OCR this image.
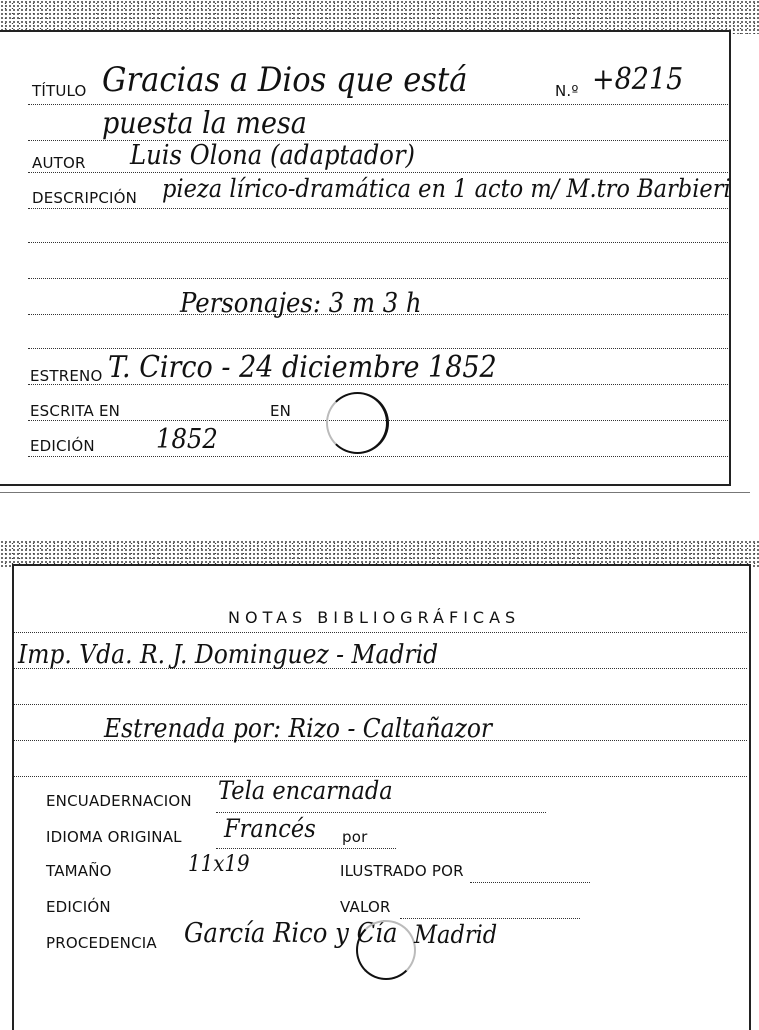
TÍTULO Gracias a Dios que está	N.º +8215
puesta la mesa
AUTOR Luis Olona (adaptador)
DESCRIPCIÓN pieza lírico-dramática en 1 acto m/ M.tro Barbieri
Personajes: 3 m 3 h
ESTRENO T. Circo - 24 diciembre 1852
ESCRITA EN	EN
EDICIÓN 1852
NOTAS BIBLIOGRÁFICAS
Imp. Vda. R. J. Dominguez - Madrid
Estrenada por: Rizo - Caltañazor
ENCUADERNACION Tela encarnada
IDIOMA ORIGINAL Francés por
TAMAÑO	11x19	ILUSTRADO POR
EDICIÓN	VALOR
PROCEDENCIA García Rico y Cía Madrid
